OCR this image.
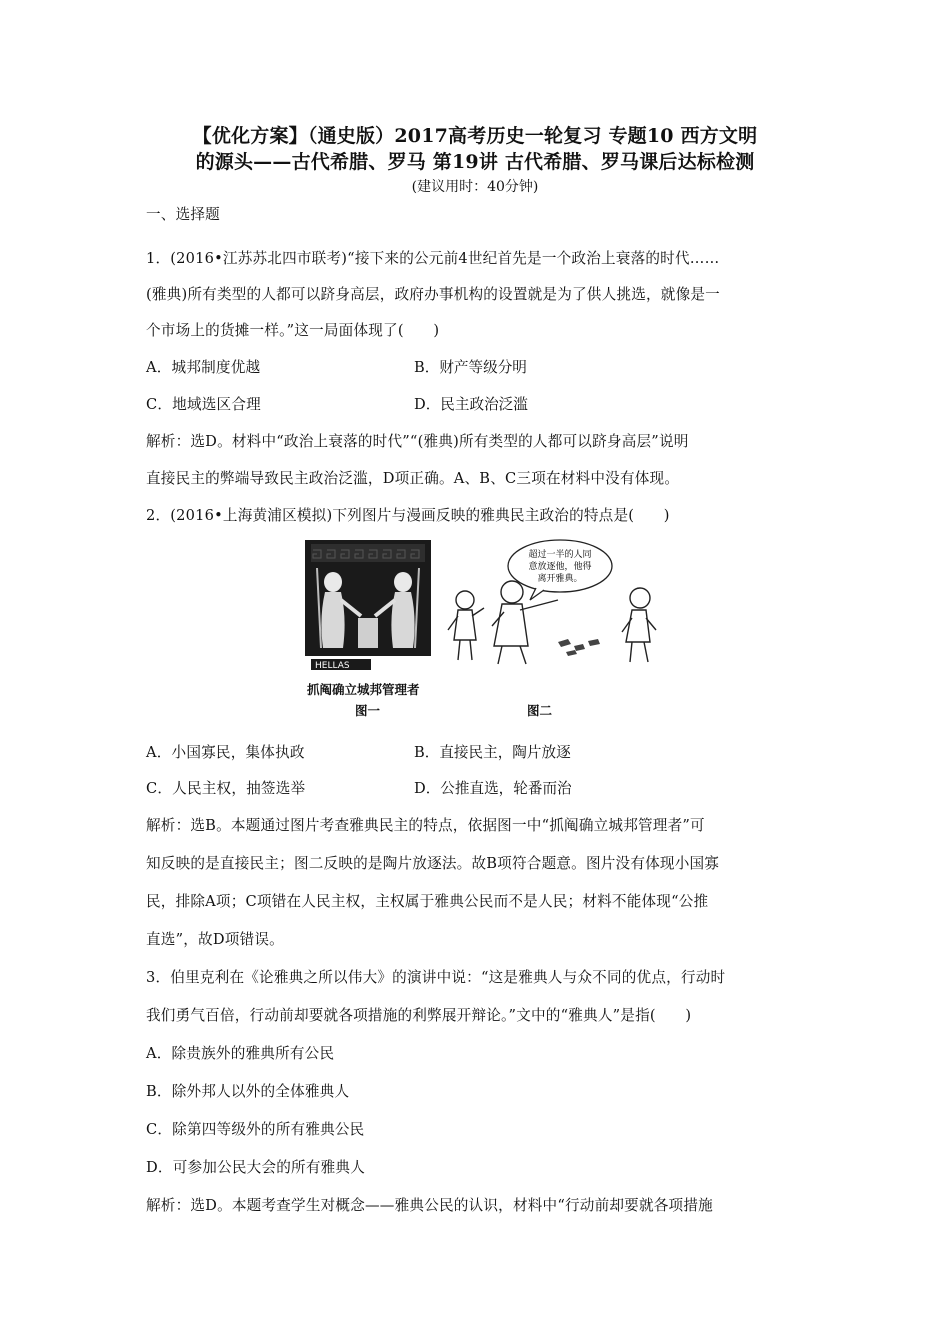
【优化方案】（通史版）2017高考历史一轮复习 专题10 西方文明
的源头——古代希腊、罗马 第19讲 古代希腊、罗马课后达标检测
(建议用时：40分钟)
一、选择题
1．(2016•江苏苏北四市联考)“接下来的公元前4世纪首先是一个政治上衰落的时代……
(雅典)所有类型的人都可以跻身高层，政府办事机构的设置就是为了供人挑选，就像是一
个市场上的货摊一样。”这一局面体现了(　　)
A．城邦制度优越	B．财产等级分明
C．地域选区合理	D．民主政治泛滥
解析：选D。材料中“政治上衰落的时代”“(雅典)所有类型的人都可以跻身高层”说明
直接民主的弊端导致民主政治泛滥，D项正确。A、B、C三项在材料中没有体现。
2．(2016•上海黄浦区模拟)下列图片与漫画反映的雅典民主政治的特点是(　　)
HELLAS
超过一半的人同
意放逐他，他得
离开雅典。
抓阄确立城邦管理者
图一	图二
A．小国寡民，集体执政	B．直接民主，陶片放逐
C．人民主权，抽签选举	D．公推直选，轮番而治
解析：选B。本题通过图片考查雅典民主的特点，依据图一中“抓阄确立城邦管理者”可
知反映的是直接民主；图二反映的是陶片放逐法。故B项符合题意。图片没有体现小国寡
民，排除A项；C项错在人民主权，主权属于雅典公民而不是人民；材料不能体现“公推
直选”，故D项错误。
3．伯里克利在《论雅典之所以伟大》的演讲中说：“这是雅典人与众不同的优点，行动时
我们勇气百倍，行动前却要就各项措施的利弊展开辩论。”文中的“雅典人”是指(　　)
A．除贵族外的雅典所有公民
B．除外邦人以外的全体雅典人
C．除第四等级外的所有雅典公民
D．可参加公民大会的所有雅典人
解析：选D。本题考查学生对概念——雅典公民的认识，材料中“行动前却要就各项措施
